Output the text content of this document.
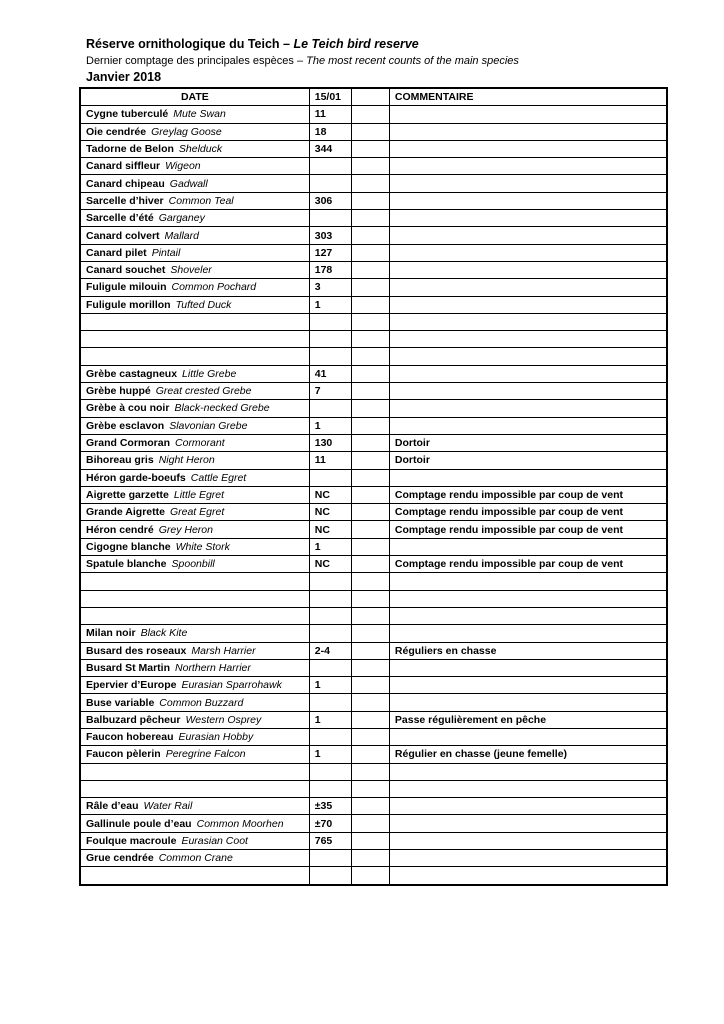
Réserve ornithologique du Teich – Le Teich bird reserve
Dernier comptage des principales espèces – The most recent counts of the main species
Janvier 2018
DATE	15/01		COMMENTAIRE
Cygne tuberculé Mute Swan	11		
Oie cendrée Greylag Goose	18		
Tadorne de Belon Shelduck	344		
Canard siffleur Wigeon			
Canard chipeau Gadwall			
Sarcelle d’hiver Common Teal	306		
Sarcelle d’été Garganey			
Canard colvert Mallard	303		
Canard pilet Pintail	127		
Canard souchet Shoveler	178		
Fuligule milouin Common Pochard	3		
Fuligule morillon Tufted Duck	1		

Grèbe castagneux Little Grebe	41		
Grèbe huppé Great crested Grebe	7		
Grèbe à cou noir Black-necked Grebe			
Grèbe esclavon Slavonian Grebe	1		
Grand Cormoran Cormorant	130		Dortoir
Bihoreau gris Night Heron	11		Dortoir
Héron garde-boeufs Cattle Egret			
Aigrette garzette Little Egret	NC		Comptage rendu impossible par coup de vent
Grande Aigrette Great Egret	NC		Comptage rendu impossible par coup de vent
Héron cendré Grey Heron	NC		Comptage rendu impossible par coup de vent
Cigogne blanche White Stork	1		
Spatule blanche Spoonbill	NC		Comptage rendu impossible par coup de vent

Milan noir Black Kite			
Busard des roseaux Marsh Harrier	2-4		Réguliers en chasse
Busard St Martin Northern Harrier			
Epervier d’Europe Eurasian Sparrohawk	1		
Buse variable Common Buzzard			
Balbuzard pêcheur Western Osprey	1		Passe régulièrement en pêche
Faucon hobereau Eurasian Hobby			
Faucon pèlerin Peregrine Falcon	1		Régulier en chasse (jeune femelle)

Râle d’eau Water Rail	±35		
Gallinule poule d’eau Common Moorhen	±70		
Foulque macroule Eurasian Coot	765		
Grue cendrée Common Crane			
